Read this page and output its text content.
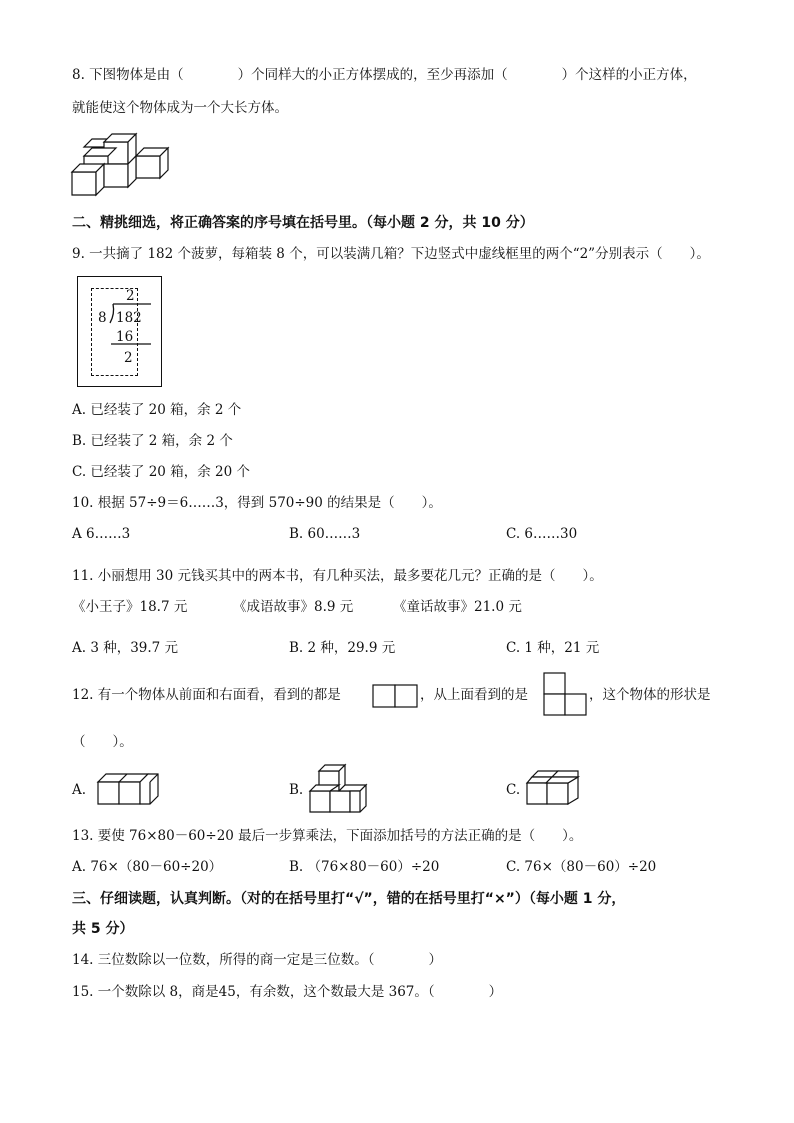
8. 下图物体是由（　　　　）个同样大的小正方体摆成的，至少再添加（　　　　）个这样的小正方体，
就能使这个物体成为一个大长方体。
二、精挑细选，将正确答案的序号填在括号里。（每小题 2 分，共 10 分）
9. 一共摘了 182 个菠萝，每箱装 8 个，可以装满几箱？下边竖式中虚线框里的两个“2”分别表示（　　）。
2
8 182
16
2
A. 已经装了 20 箱，余 2 个
B. 已经装了 2 箱，余 2 个
C. 已经装了 20 箱，余 20 个
10. 根据 57÷9＝6……3，得到 570÷90 的结果是（　　）。
A 6……3	B. 60……3	C. 6……30
11. 小丽想用 30 元钱买其中的两本书，有几种买法，最多要花几元？正确的是（　　）。
《小王子》18.7 元	《成语故事》8.9 元	《童话故事》21.0 元
A. 3 种，39.7 元	B. 2 种，29.9 元	C. 1 种，21 元
12. 有一个物体从前面和右面看，看到的都是	，从上面看到的是	，这个物体的形状是
（　　）。
A.	B.	C.
13. 要使 76×80－60÷20 最后一步算乘法，下面添加括号的方法正确的是（　　）。
A. 76×（80－60÷20）	B. （76×80－60）÷20	C. 76×（80－60）÷20
三、仔细读题，认真判断。（对的在括号里打“√”，错的在括号里打“×”）（每小题 1 分，
共 5 分）
14. 三位数除以一位数，所得的商一定是三位数。（　　　　）
15. 一个数除以 8，商是45，有余数，这个数最大是 367。（　　　　）
